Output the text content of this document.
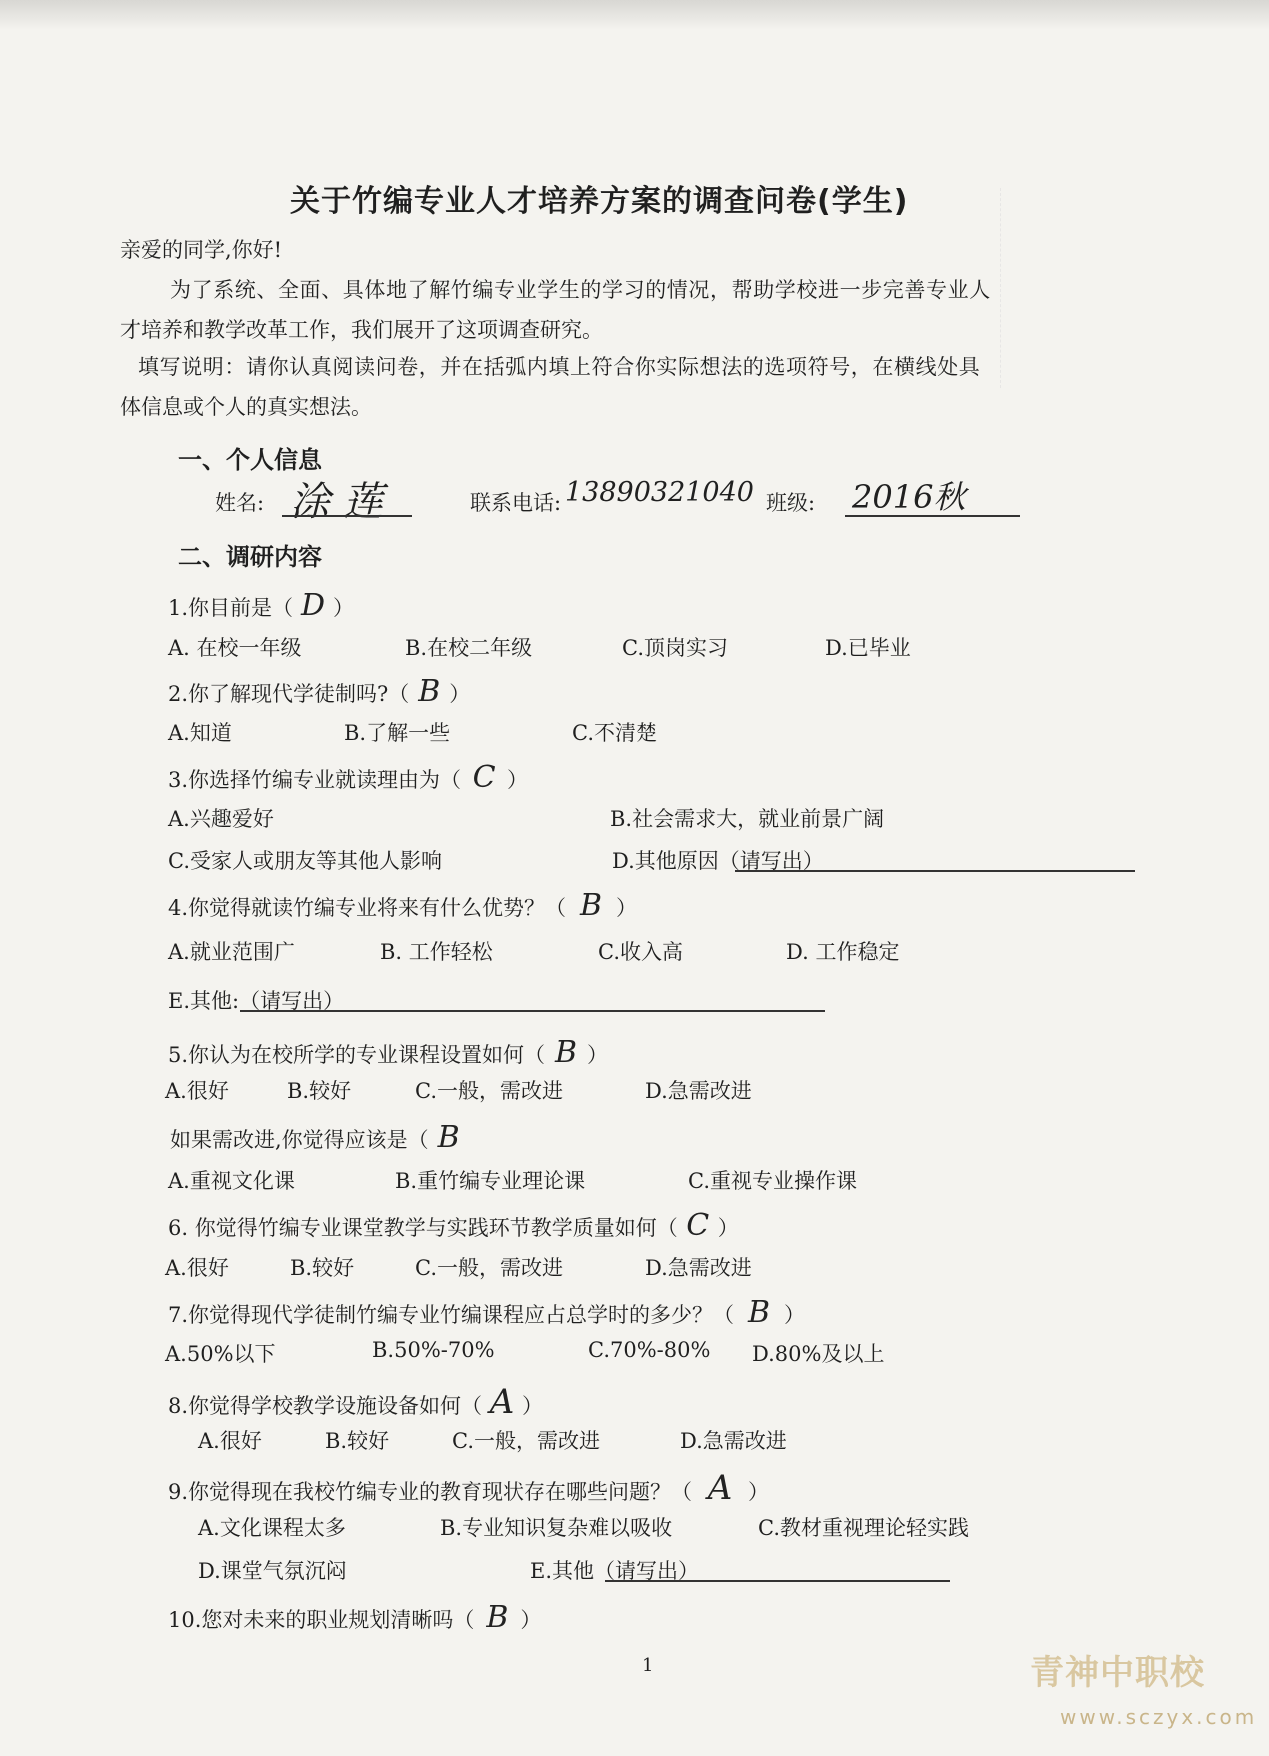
关于竹编专业人才培养方案的调查问卷(学生)
亲爱的同学,你好!
为了系统、全面、具体地了解竹编专业学生的学习的情况，帮助学校进一步完善专业人
才培养和教学改革工作，我们展开了这项调查研究。
填写说明：请你认真阅读问卷，并在括弧内填上符合你实际想法的选项符号，在横线处具
体信息或个人的真实想法。
一、个人信息
姓名: 涂 莲	联系电话: 13890321040 班级: 2016秋
二、调研内容
1.你目前是（ D ）
A. 在校一年级	B.在校二年级	C.顶岗实习	D.已毕业
2.你了解现代学徒制吗?（ B ）
A.知道	B.了解一些	C.不清楚
3.你选择竹编专业就读理由为（ C ）
A.兴趣爱好	B.社会需求大，就业前景广阔
C.受家人或朋友等其他人影响	D.其他原因（请写出）
4.你觉得就读竹编专业将来有什么优势？（ B ）
A.就业范围广	B. 工作轻松	C.收入高	D. 工作稳定
E.其他:（请写出）
5.你认为在校所学的专业课程设置如何（ B ）
A.很好	B.较好	C.一般，需改进	D.急需改进
如果需改进,你觉得应该是（ B
A.重视文化课	B.重竹编专业理论课	C.重视专业操作课
6. 你觉得竹编专业课堂教学与实践环节教学质量如何（ C ）
A.很好	B.较好	C.一般，需改进	D.急需改进
7.你觉得现代学徒制竹编专业竹编课程应占总学时的多少？（ B ）
A.50%以下	B.50%-70%	C.70%-80% D.80%及以上
8.你觉得学校教学设施设备如何（ A ）
A.很好	B.较好	C.一般，需改进	D.急需改进
9.你觉得现在我校竹编专业的教育现状存在哪些问题？（ A ）
A.文化课程太多	B.专业知识复杂难以吸收	C.教材重视理论轻实践
D.课堂气氛沉闷	E.其他（请写出）
10.您对未来的职业规划清晰吗（ B ）
1	青神中职校
www.sczyx.com
